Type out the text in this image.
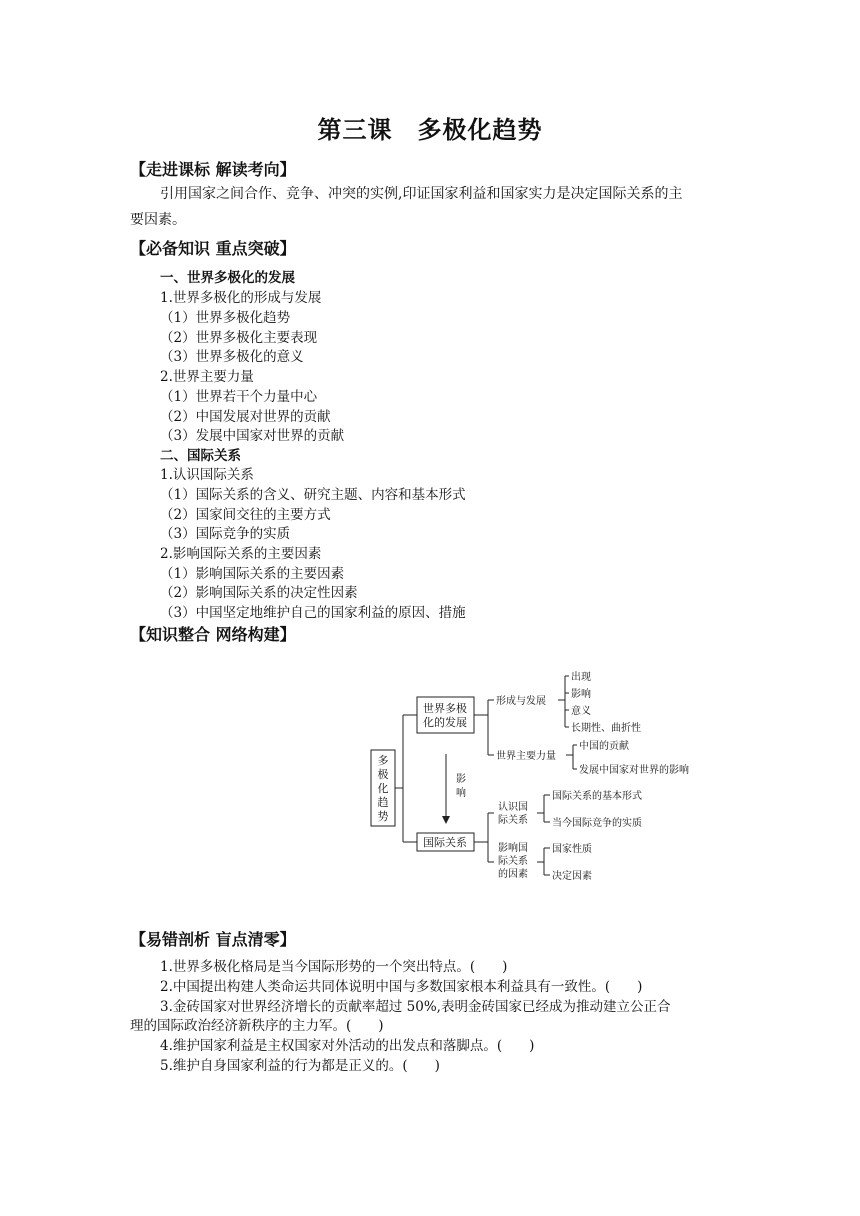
第三课　多极化趋势
【走进课标 解读考向】
引用国家之间合作、竞争、冲突的实例,印证国家利益和国家实力是决定国际关系的主
要因素。
【必备知识 重点突破】
一、世界多极化的发展
1.世界多极化的形成与发展
（1）世界多极化趋势
（2）世界多极化主要表现
（3）世界多极化的意义
2.世界主要力量
（1）世界若干个力量中心
（2）中国发展对世界的贡献
（3）发展中国家对世界的贡献
二、国际关系
1.认识国际关系
（1）国际关系的含义、研究主题、内容和基本形式
（2）国家间交往的主要方式
（3）国际竞争的实质
2.影响国际关系的主要因素
（1）影响国际关系的主要因素
（2）影响国际关系的决定性因素
（3）中国坚定地维护自己的国家利益的原因、措施
【知识整合 网络构建】
多
极
化
趋
势
世界多极
化的发展
国际关系
影
响
形成与发展
世界主要力量
出现
影响
意义
长期性、曲折性
中国的贡献
发展中国家对世界的影响
认识国
际关系
影响国
际关系
的因素
国际关系的基本形式
当今国际竞争的实质
国家性质
决定因素
【易错剖析 盲点清零】
1.世界多极化格局是当今国际形势的一个突出特点。(　　)
2.中国提出构建人类命运共同体说明中国与多数国家根本利益具有一致性。(　　)
3.金砖国家对世界经济增长的贡献率超过 50%,表明金砖国家已经成为推动建立公正合
理的国际政治经济新秩序的主力军。(　　)
4.维护国家利益是主权国家对外活动的出发点和落脚点。(　　)
5.维护自身国家利益的行为都是正义的。(　　)
